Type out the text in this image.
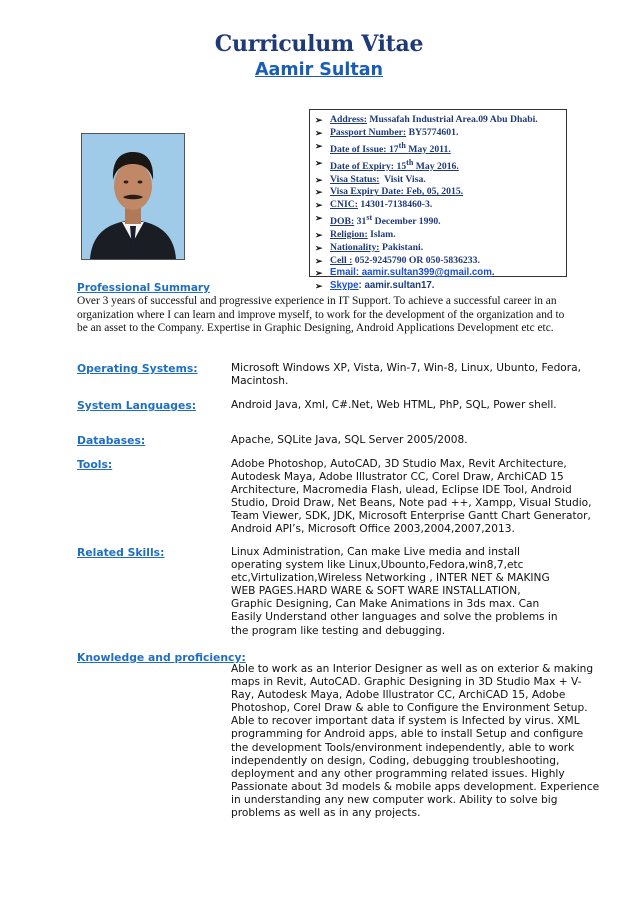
Curriculum Vitae
Aamir Sultan
➢ Address: Mussafah Industrial Area.09 Abu Dhabi.
➢ Passport Number: BY5774601.
➢ Date of Issue: 17th May 2011.
➢ Date of Expiry: 15th May 2016.
➢ Visa Status: Visit Visa.
➢ Visa Expiry Date: Feb, 05, 2015.
➢ CNIC: 14301-7138460-3.
➢ DOB: 31st December 1990.
➢ Religion: Islam.
➢ Nationality: Pakistani.
➢ Cell : 052-9245790 OR 050-5836233.
➢ Email: aamir.sultan399@gmail.com.
➢ Skype: aamir.sultan17.
Professional Summary
Over 3 years of successful and progressive experience in IT Support. To achieve a successful career in an organization where I can learn and improve myself, to work for the development of the organization and to be an asset to the Company. Expertise in Graphic Designing, Android Applications Development etc etc.
Operating Systems:	Microsoft Windows XP, Vista, Win-7, Win-8, Linux, Ubunto, Fedora, Macintosh.
System Languages:	Android Java, Xml, C#.Net, Web HTML, PhP, SQL, Power shell.
Databases:	Apache, SQLite Java, SQL Server 2005/2008.
Tools:	Adobe Photoshop, AutoCAD, 3D Studio Max, Revit Architecture, Autodesk Maya, Adobe Illustrator CC, Corel Draw, ArchiCAD 15 Architecture, Macromedia Flash, ulead, Eclipse IDE Tool, Android Studio, Droid Draw, Net Beans, Note pad ++, Xampp, Visual Studio, Team Viewer, SDK, JDK, Microsoft Enterprise Gantt Chart Generator, Android API’s, Microsoft Office 2003,2004,2007,2013.
Related Skills:	Linux Administration, Can make Live media and install operating system like Linux,Ubounto,Fedora,win8,7,etc etc,Virtulization,Wireless Networking , INTER NET & MAKING WEB PAGES.HARD WARE & SOFT WARE INSTALLATION, Graphic Designing, Can Make Animations in 3ds max. Can Easily Understand other languages and solve the problems in the program like testing and debugging.
Knowledge and proficiency:
Able to work as an Interior Designer as well as on exterior & making maps in Revit, AutoCAD. Graphic Designing in 3D Studio Max + V-Ray, Autodesk Maya, Adobe Illustrator CC, ArchiCAD 15, Adobe Photoshop, Corel Draw & able to Configure the Environment Setup. Able to recover important data if system is Infected by virus. XML programming for Android apps, able to install Setup and configure the development Tools/environment independently, able to work independently on design, Coding, debugging troubleshooting, deployment and any other programming related issues. Highly Passionate about 3d models & mobile apps development. Experience in understanding any new computer work. Ability to solve big problems as well as in any projects.
